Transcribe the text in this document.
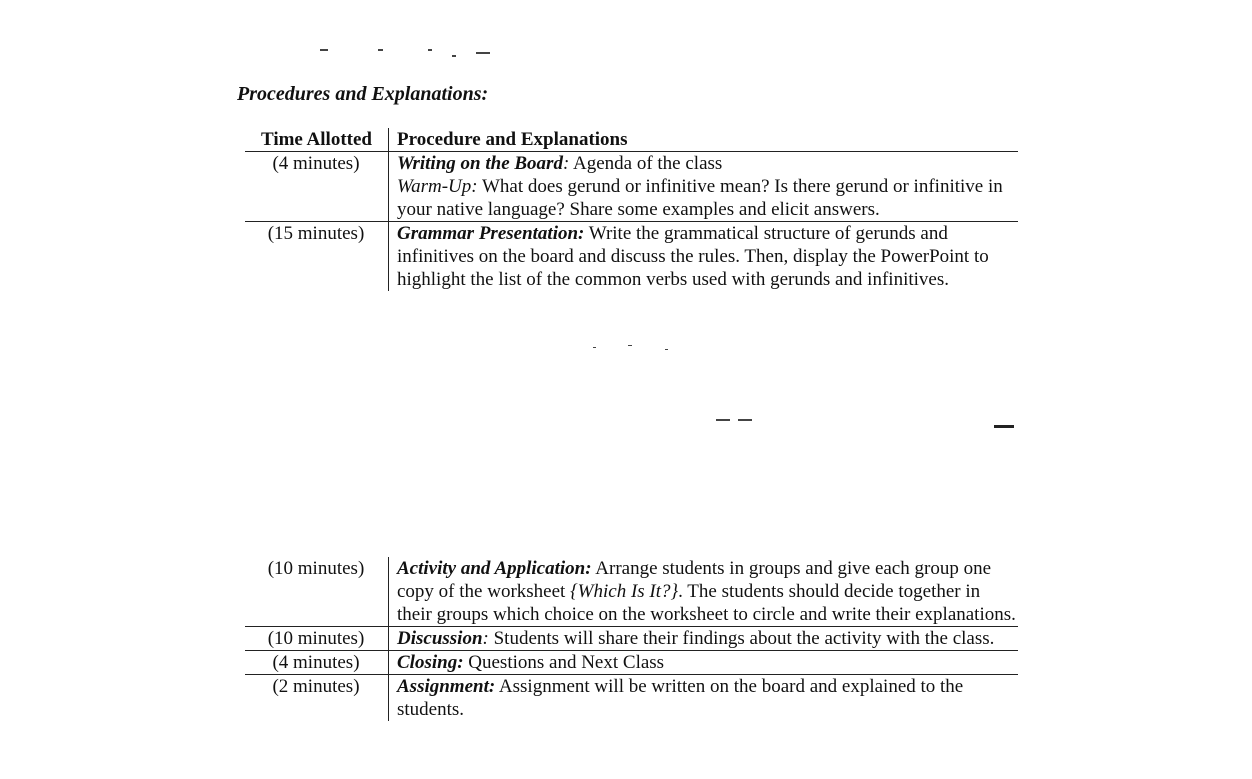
Procedures and Explanations:
Time Allotted	Procedure and Explanations
(4 minutes)	Writing on the Board: Agenda of the class
Warm-Up: What does gerund or infinitive mean? Is there gerund or infinitive in your native language? Share some examples and elicit answers.

(15 minutes)	Grammar Presentation: Write the grammatical structure of gerunds and infinitives on the board and discuss the rules. Then, display the PowerPoint to highlight the list of the common verbs used with gerunds and infinitives.
(10 minutes)	Activity and Application: Arrange students in groups and give each group one copy of the worksheet {Which Is It?}. The students should decide together in their groups which choice on the worksheet to circle and write their explanations.
(10 minutes)	Discussion: Students will share their findings about the activity with the class.
(4 minutes)	Closing: Questions and Next Class
(2 minutes)	Assignment: Assignment will be written on the board and explained to the students.
